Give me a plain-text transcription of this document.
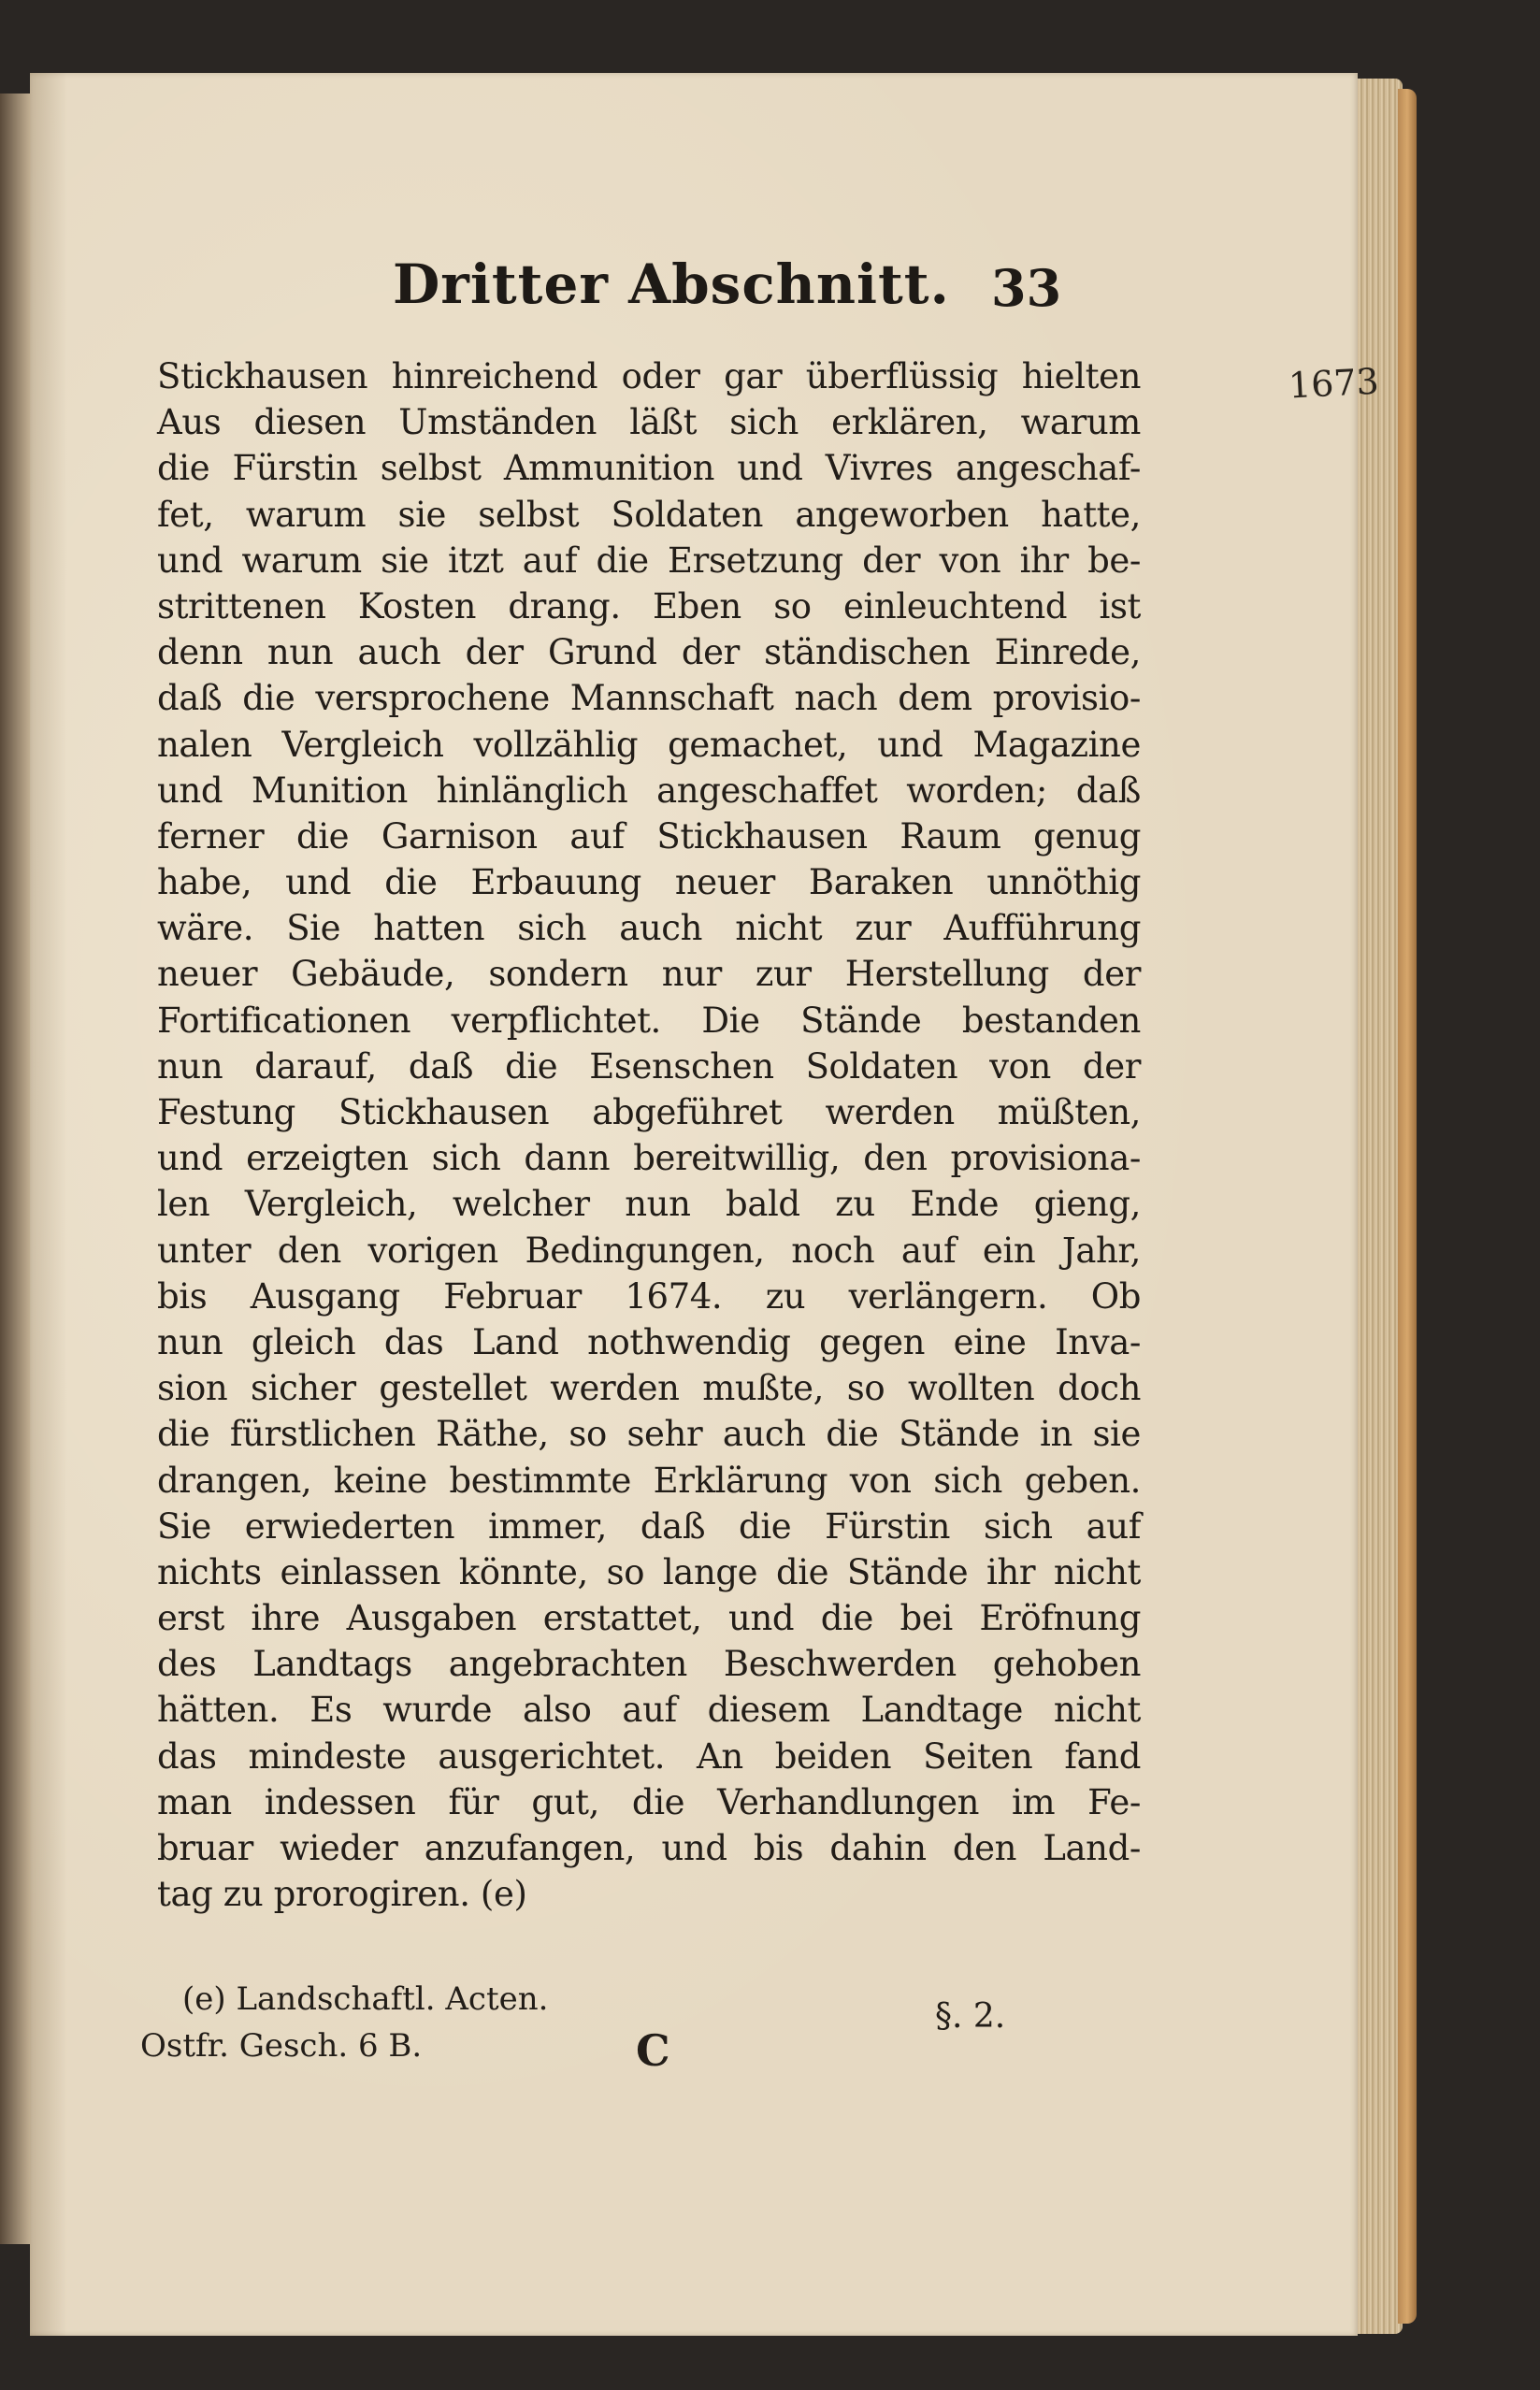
Dritter Abschnitt. 33
1673
Stickhausen hinreichend oder gar überflüssig hielten
Aus diesen Umständen läßt sich erklären, warum
die Fürstin selbst Ammunition und Vivres angeschaf-
fet, warum sie selbst Soldaten angeworben hatte,
und warum sie itzt auf die Ersetzung der von ihr be-
strittenen Kosten drang. Eben so einleuchtend ist
denn nun auch der Grund der ständischen Einrede,
daß die versprochene Mannschaft nach dem provisio-
nalen Vergleich vollzählig gemachet, und Magazine
und Munition hinlänglich angeschaffet worden; daß
ferner die Garnison auf Stickhausen Raum genug
habe, und die Erbauung neuer Baraken unnöthig
wäre. Sie hatten sich auch nicht zur Aufführung
neuer Gebäude, sondern nur zur Herstellung der
Fortificationen verpflichtet. Die Stände bestanden
nun darauf, daß die Esenschen Soldaten von der
Festung Stickhausen abgeführet werden müßten,
und erzeigten sich dann bereitwillig, den provisiona-
len Vergleich, welcher nun bald zu Ende gieng,
unter den vorigen Bedingungen, noch auf ein Jahr,
bis Ausgang Februar 1674. zu verlängern. Ob
nun gleich das Land nothwendig gegen eine Inva-
sion sicher gestellet werden mußte, so wollten doch
die fürstlichen Räthe, so sehr auch die Stände in sie
drangen, keine bestimmte Erklärung von sich geben.
Sie erwiederten immer, daß die Fürstin sich auf
nichts einlassen könnte, so lange die Stände ihr nicht
erst ihre Ausgaben erstattet, und die bei Eröfnung
des Landtags angebrachten Beschwerden gehoben
hätten. Es wurde also auf diesem Landtage nicht
das mindeste ausgerichtet. An beiden Seiten fand
man indessen für gut, die Verhandlungen im Fe-
bruar wieder anzufangen, und bis dahin den Land-
tag zu prorogiren. (e)
(e) Landschaftl. Acten.
Ostfr. Gesch. 6 B.	C
§. 2.
